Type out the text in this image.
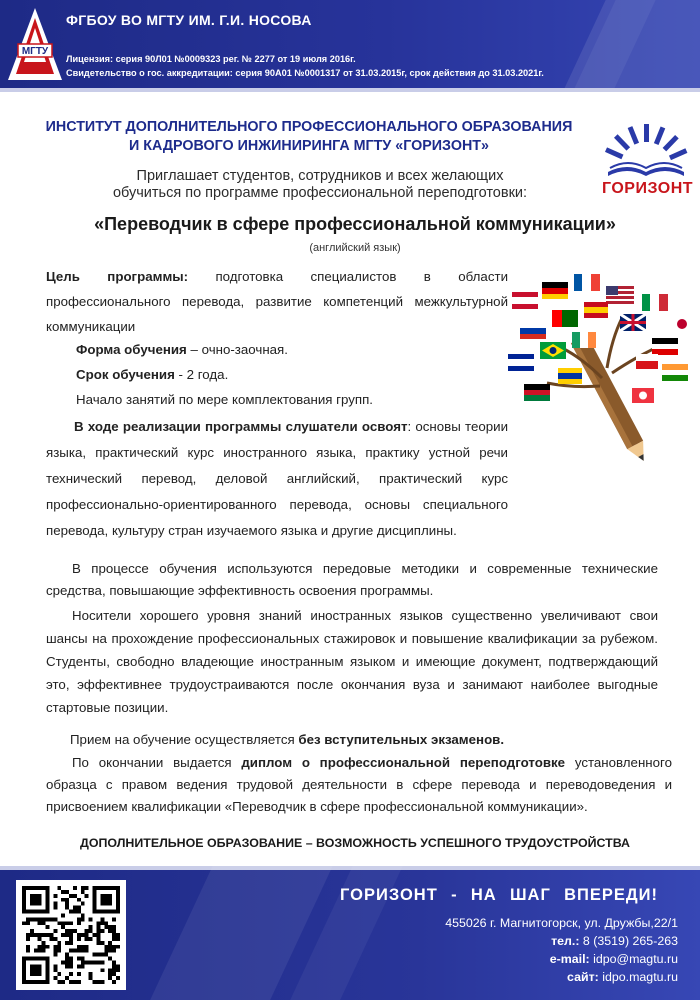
МГТУ
ФГБОУ ВО МГТУ ИМ. Г.И. НОСОВА
Лицензия: серия 90Л01 №0009323 рег. № 2277 от 19 июля 2016г.
Свидетельство о гос. аккредитации: серия 90А01 №0001317 от 31.03.2015г, срок действия до 31.03.2021г.
ИНСТИТУТ ДОПОЛНИТЕЛЬНОГО ПРОФЕССИОНАЛЬНОГО ОБРАЗОВАНИЯ
И КАДРОВОГО ИНЖИНИРИНГА МГТУ «ГОРИЗОНТ»
ГОРИЗОНТ
Приглашает студентов, сотрудников и всех желающих
обучиться по программе профессиональной переподготовки:
«Переводчик в сфере профессиональной коммуникации»
(английский язык)
Цель программы: подготовка специалистов в области профессионального перевода, развитие компетенций межкультурной коммуникации
Форма обучения – очно-заочная.
Срок обучения - 2 года.
Начало занятий по мере комплектования групп.
В ходе реализации программы слушатели освоят: основы теории языка, практический курс иностранного языка, практику устной речи технический перевод, деловой английский, практический курс профессионально-ориентированного перевода, основы специального перевода, культуру стран изучаемого языка и другие дисциплины.
В процессе обучения используются передовые методики и современные технические средства, повышающие эффективность освоения программы.
Носители хорошего уровня знаний иностранных языков существенно увеличивают свои шансы на прохождение профессиональных стажировок и повышение квалификации за рубежом. Студенты, свободно владеющие иностранным языком и имеющие документ, подтверждающий это, эффективнее трудоустраиваются после окончания вуза и занимают наиболее выгодные стартовые позиции.
Прием на обучение осуществляется без вступительных экзаменов.
По окончании выдается диплом о профессиональной переподготовке установленного образца с правом ведения трудовой деятельности в сфере перевода и переводоведения и присвоением квалификации «Переводчик в сфере профессиональной коммуникации».
ДОПОЛНИТЕЛЬНОЕ ОБРАЗОВАНИЕ – ВОЗМОЖНОСТЬ УСПЕШНОГО ТРУДОУСТРОЙСТВА
ГОРИЗОНТ - НА ШАГ ВПЕРЕДИ!
455026 г. Магнитогорск, ул. Дружбы,22/1
тел.: 8 (3519) 265-263
e-mail: idpo@magtu.ru
сайт: idpo.magtu.ru
